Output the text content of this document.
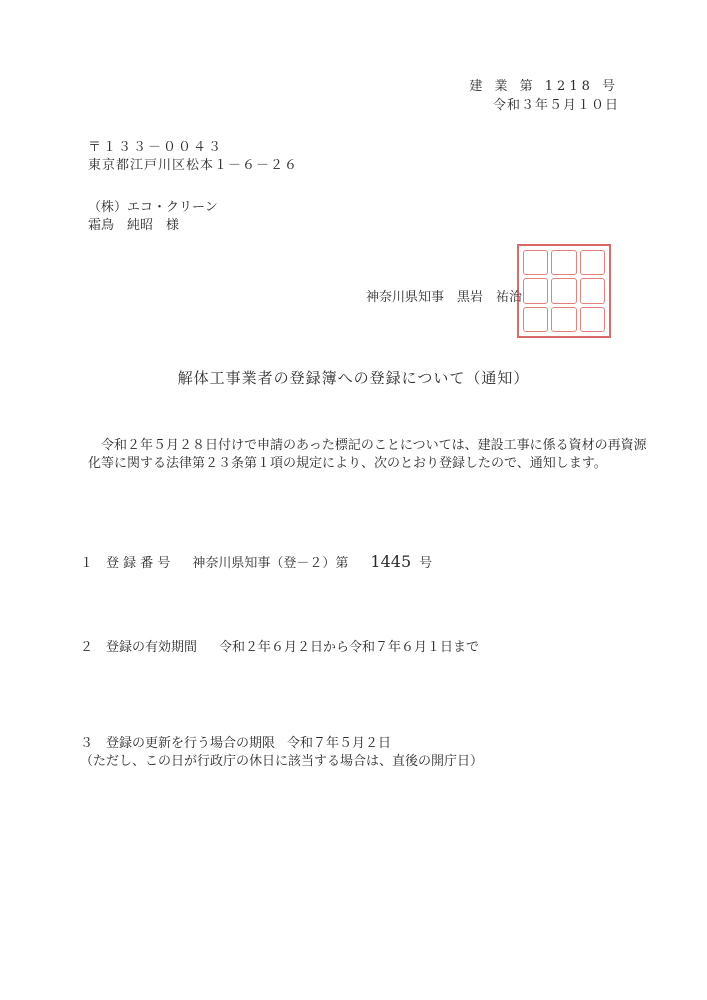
建 業 第 1218 号
令和３年５月１０日
〒１３３－００４３
東京都江戸川区松本１－６－２６
（株）エコ・クリーン
霜鳥　純昭　様
神奈川県知事　黒岩　祐治
解体工事業者の登録簿への登録について（通知）
令和２年５月２８日付けで申請のあった標記のことについては、建設工事に係る資材の再資源化等に関する法律第２３条第１項の規定により、次のとおり登録したので、通知します。
１　登 録 番 号 神奈川県知事（登－２）第 1445 号
２　登録の有効期間 令和２年６月２日から令和７年６月１日まで
３　登録の更新を行う場合の期限 令和７年５月２日
（ただし、この日が行政庁の休日に該当する場合は、直後の開庁日）
